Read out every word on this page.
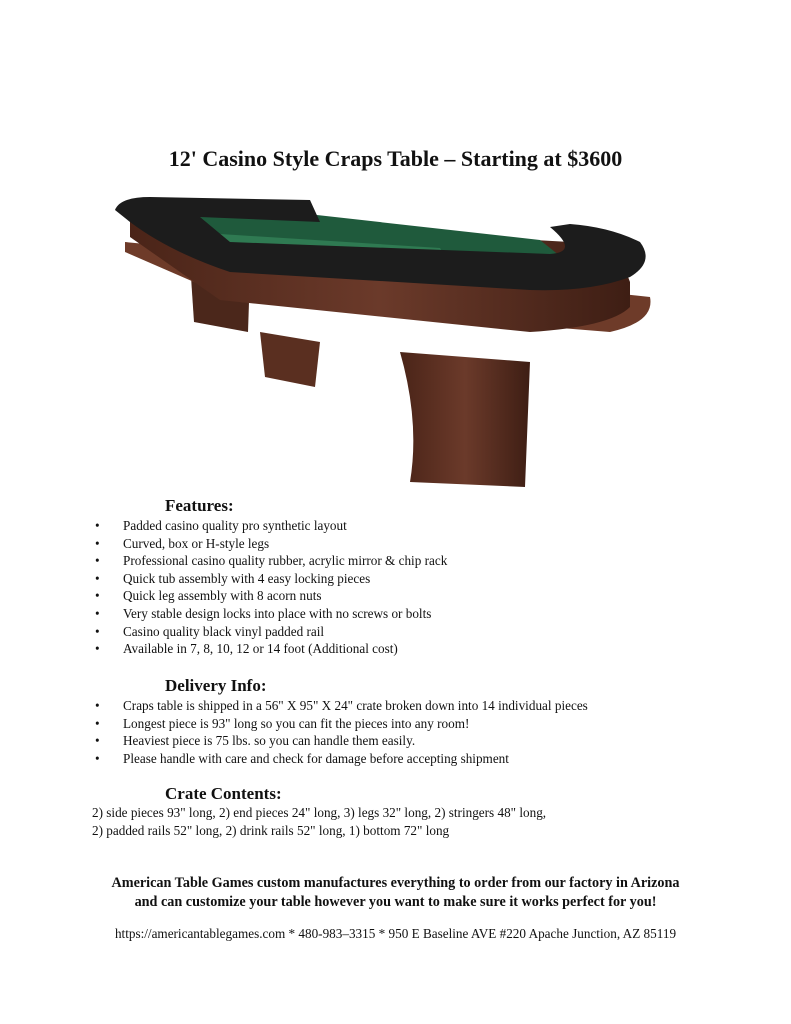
12' Casino Style Craps Table – Starting at $3600
Features:
• Padded casino quality pro synthetic layout
• Curved, box or H-style legs
• Professional casino quality rubber, acrylic mirror & chip rack
• Quick tub assembly with 4 easy locking pieces
• Quick leg assembly with 8 acorn nuts
• Very stable design locks into place with no screws or bolts
• Casino quality black vinyl padded rail
• Available in 7, 8, 10, 12 or 14 foot (Additional cost)
Delivery Info:
• Craps table is shipped in a 56" X 95" X 24" crate broken down into 14 individual pieces
• Longest piece is 93" long so you can fit the pieces into any room!
• Heaviest piece is 75 lbs. so you can handle them easily.
• Please handle with care and check for damage before accepting shipment
Crate Contents:
2) side pieces 93" long, 2) end pieces 24" long, 3) legs 32" long, 2) stringers 48" long,
2) padded rails 52" long, 2) drink rails 52" long, 1) bottom 72" long
American Table Games custom manufactures everything to order from our factory in Arizona
and can customize your table however you want to make sure it works perfect for you!
https://americantablegames.com * 480-983–3315 * 950 E Baseline AVE #220 Apache Junction, AZ 85119
